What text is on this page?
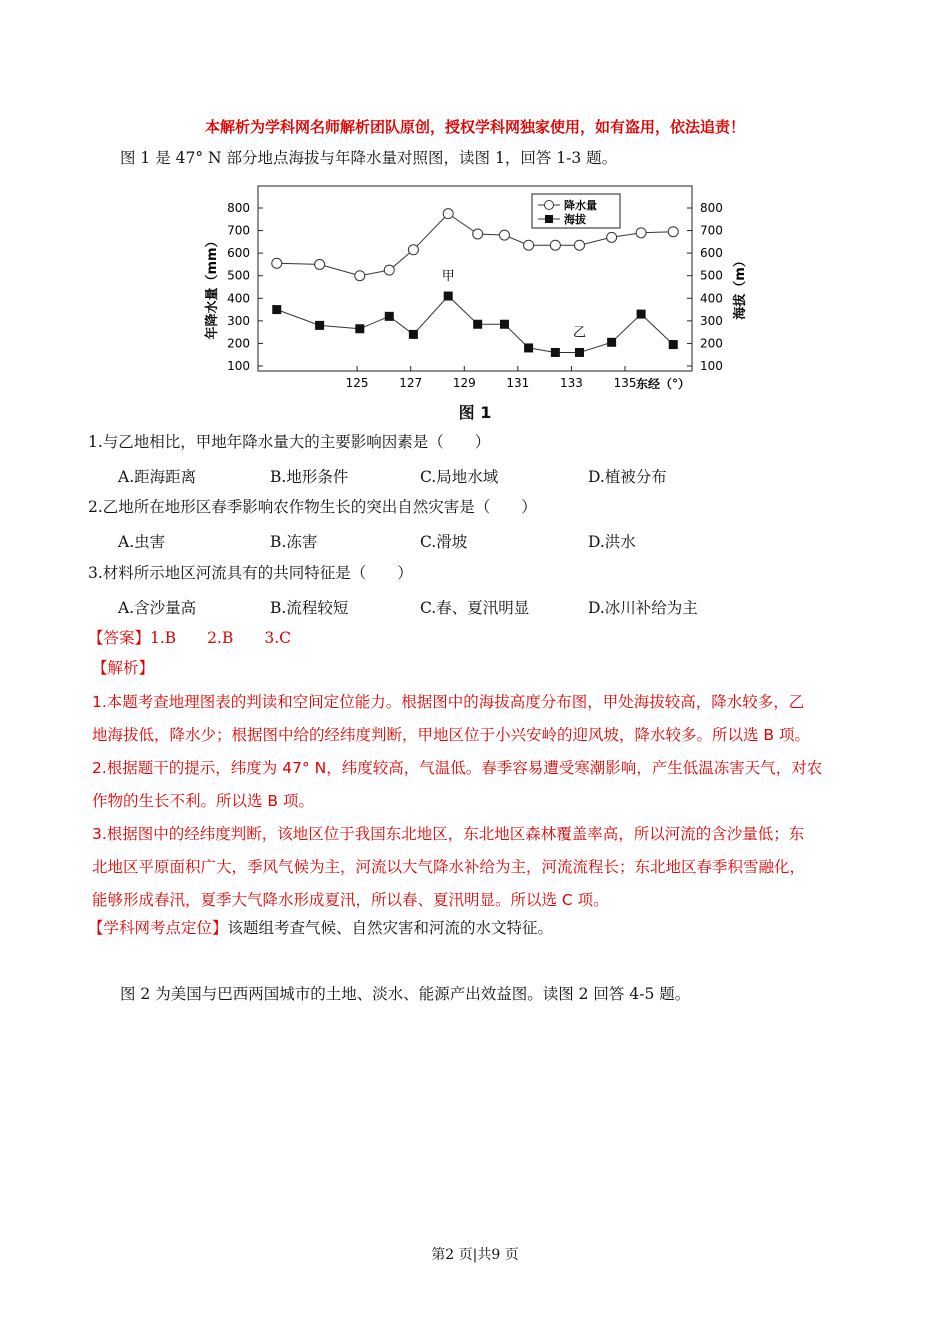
本解析为学科网名师解析团队原创，授权学科网独家使用，如有盗用，依法追责！
图 1 是 47° N 部分地点海拔与年降水量对照图，读图 1，回答 1-3 题。
100	100
200	200
300	300
400	400
500	500
600	600
700	700
800	800
125	127	129	131	133	135 东经（°）
年降水量（mm）	海拔（m）
甲
乙
降水量
海拔
图 1
1.与乙地相比，甲地年降水量大的主要影响因素是（　　）
A.距海距离	B.地形条件	C.局地水域	D.植被分布
2.乙地所在地形区春季影响农作物生长的突出自然灾害是（　　）
A.虫害	B.冻害	C.滑坡	D.洪水
3.材料所示地区河流具有的共同特征是（　　）
A.含沙量高	B.流程较短	C.春、夏汛明显	D.冰川补给为主
【答案】1.B　　2.B　　3.C
【解析】

1.本题考查地理图表的判读和空间定位能力。根据图中的海拔高度分布图，甲处海拔较高，降水较多，乙

地海拔低，降水少；根据图中给的经纬度判断，甲地区位于小兴安岭的迎风坡，降水较多。所以选 B 项。

2.根据题干的提示，纬度为 47° N，纬度较高，气温低。春季容易遭受寒潮影响，产生低温冻害天气，对农

作物的生长不利。所以选 B 项。

3.根据图中的经纬度判断，该地区位于我国东北地区，东北地区森林覆盖率高，所以河流的含沙量低；东

北地区平原面积广大，季风气候为主，河流以大气降水补给为主，河流流程长；东北地区春季积雪融化，

能够形成春汛，夏季大气降水形成夏汛，所以春、夏汛明显。所以选 C 项。

【学科网考点定位】该题组考查气候、自然灾害和河流的水文特征。
图 2 为美国与巴西两国城市的土地、淡水、能源产出效益图。读图 2 回答 4-5 题。
第2 页|共9 页
